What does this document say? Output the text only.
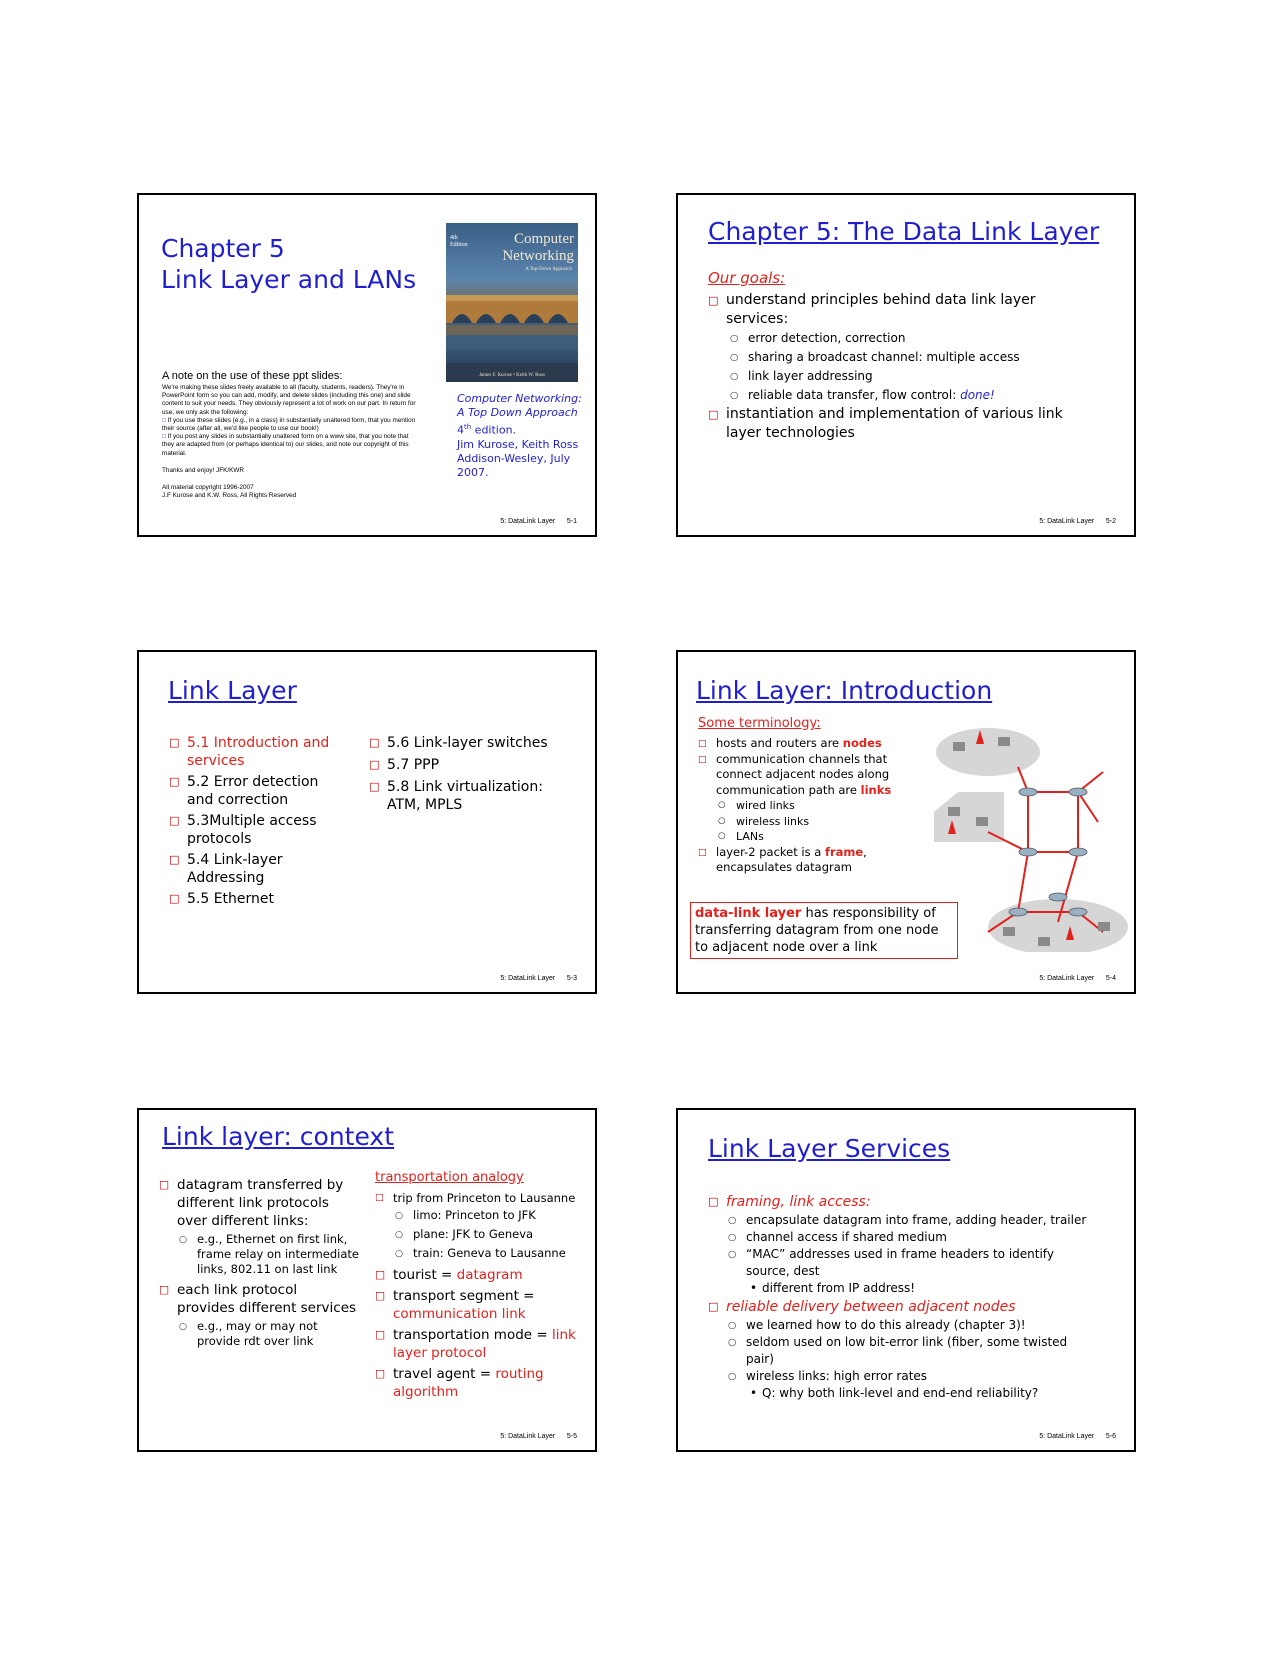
Chapter 5
Link Layer and LANs
4th Edition	Computer Networking
A Top-Down Approach
James F. Kurose • Keith W. Ross
Computer Networking:
A Top Down Approach
4th edition.
Jim Kurose, Keith Ross
Addison-Wesley, July
2007.
A note on the use of these ppt slides:
We're making these slides freely available to all (faculty, students, readers). They're in PowerPoint form so you can add, modify, and delete slides (including this one) and slide content to suit your needs. They obviously represent a lot of work on our part. In return for use, we only ask the following:
□ If you use these slides (e.g., in a class) in substantially unaltered form, that you mention their source (after all, we'd like people to use our book!)
□ If you post any slides in substantially unaltered form on a www site, that you note that they are adapted from (or perhaps identical to) our slides, and note our copyright of this material.
Thanks and enjoy! JFK/KWR
All material copyright 1996-2007
J.F Kurose and K.W. Ross, All Rights Reserved
5: DataLink Layer 5-1
Chapter 5: The Data Link Layer
Our goals:
□ understand principles behind data link layer services:
○ error detection, correction
○ sharing a broadcast channel: multiple access
○ link layer addressing
○ reliable data transfer, flow control: done!
□ instantiation and implementation of various link layer technologies
5: DataLink Layer 5-2
Link Layer
□ 5.1 Introduction and services
□ 5.2 Error detection and correction
□ 5.3Multiple access protocols
□ 5.4 Link-layer Addressing
□ 5.5 Ethernet
□ 5.6 Link-layer switches
□ 5.7 PPP
□ 5.8 Link virtualization: ATM, MPLS
5: DataLink Layer 5-3
Link Layer: Introduction
Some terminology:
□ hosts and routers are nodes
□ communication channels that connect adjacent nodes along communication path are links
○ wired links
○ wireless links
○ LANs
□ layer-2 packet is a frame, encapsulates datagram
data-link layer has responsibility of transferring datagram from one node to adjacent node over a link
5: DataLink Layer 5-4
Link layer: context
□ datagram transferred by different link protocols over different links:
○ e.g., Ethernet on first link, frame relay on intermediate links, 802.11 on last link
□ each link protocol provides different services
○ e.g., may or may not provide rdt over link
transportation analogy
□ trip from Princeton to Lausanne
○ limo: Princeton to JFK
○ plane: JFK to Geneva
○ train: Geneva to Lausanne
□ tourist = datagram
□ transport segment = communication link
□ transportation mode = link layer protocol
□ travel agent = routing algorithm
5: DataLink Layer 5-5
Link Layer Services
□ framing, link access:
○ encapsulate datagram into frame, adding header, trailer
○ channel access if shared medium
○ “MAC” addresses used in frame headers to identify source, dest
• different from IP address!
□ reliable delivery between adjacent nodes
○ we learned how to do this already (chapter 3)!
○ seldom used on low bit-error link (fiber, some twisted pair)
○ wireless links: high error rates
• Q: why both link-level and end-end reliability?
5: DataLink Layer 5-6
